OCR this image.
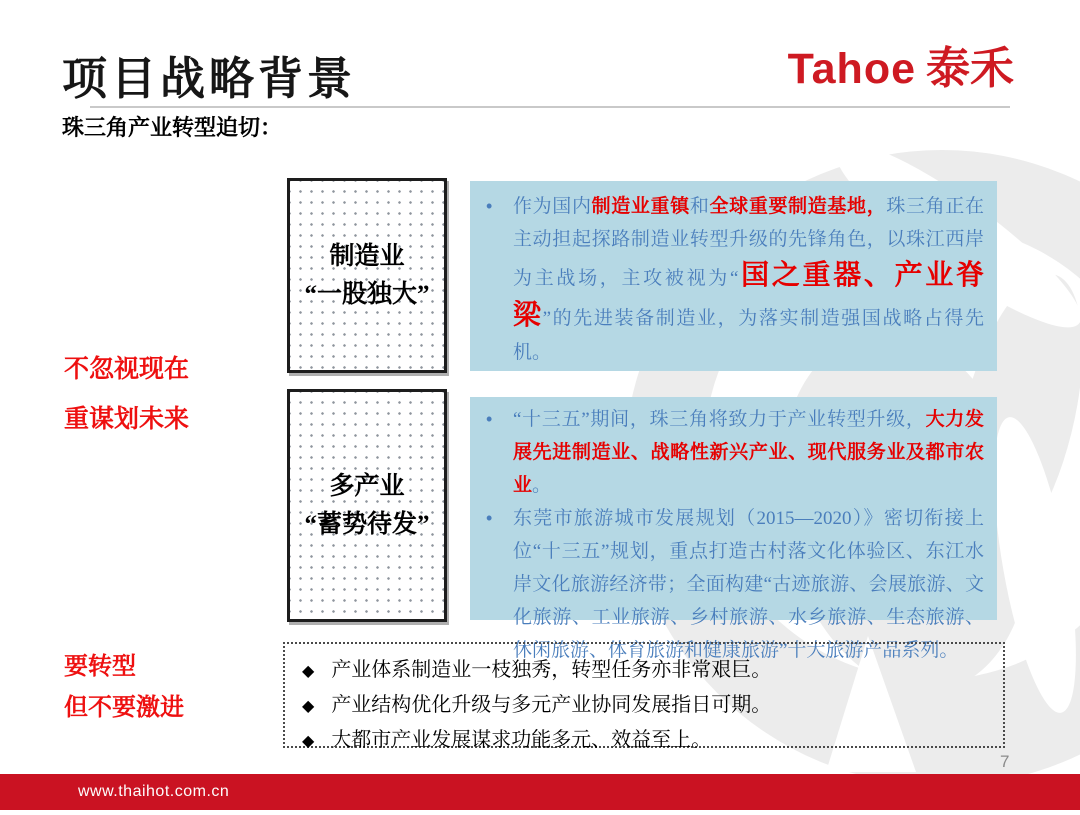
项目战略背景	Tahoe 泰禾
珠三角产业转型迫切：
不忽视现在
重谋划未来
要转型
但不要激进
制造业
“一股独大”
多产业
“蓄势待发”
•	作为国内制造业重镇和全球重要制造基地，珠三角正在主动担起探路制造业转型升级的先锋角色，以珠江西岸为主战场，主攻被视为“国之重器、产业脊梁”的先进装备制造业，为落实制造强国战略占得先机。

•	“十三五”期间，珠三角将致力于产业转型升级，大力发展先进制造业、战略性新兴产业、现代服务业及都市农业。

•	东莞市旅游城市发展规划（2015—2020）》密切衔接上位“十三五”规划，重点打造古村落文化体验区、东江水岸文化旅游经济带；全面构建“古迹旅游、会展旅游、文化旅游、工业旅游、乡村旅游、水乡旅游、生态旅游、休闲旅游、体育旅游和健康旅游”十大旅游产品系列。

◆ 产业体系制造业一枝独秀，转型任务亦非常艰巨。
◆ 产业结构优化升级与多元产业协同发展指日可期。
◆ 大都市产业发展谋求功能多元、效益至上。
7
www.thaihot.com.cn
